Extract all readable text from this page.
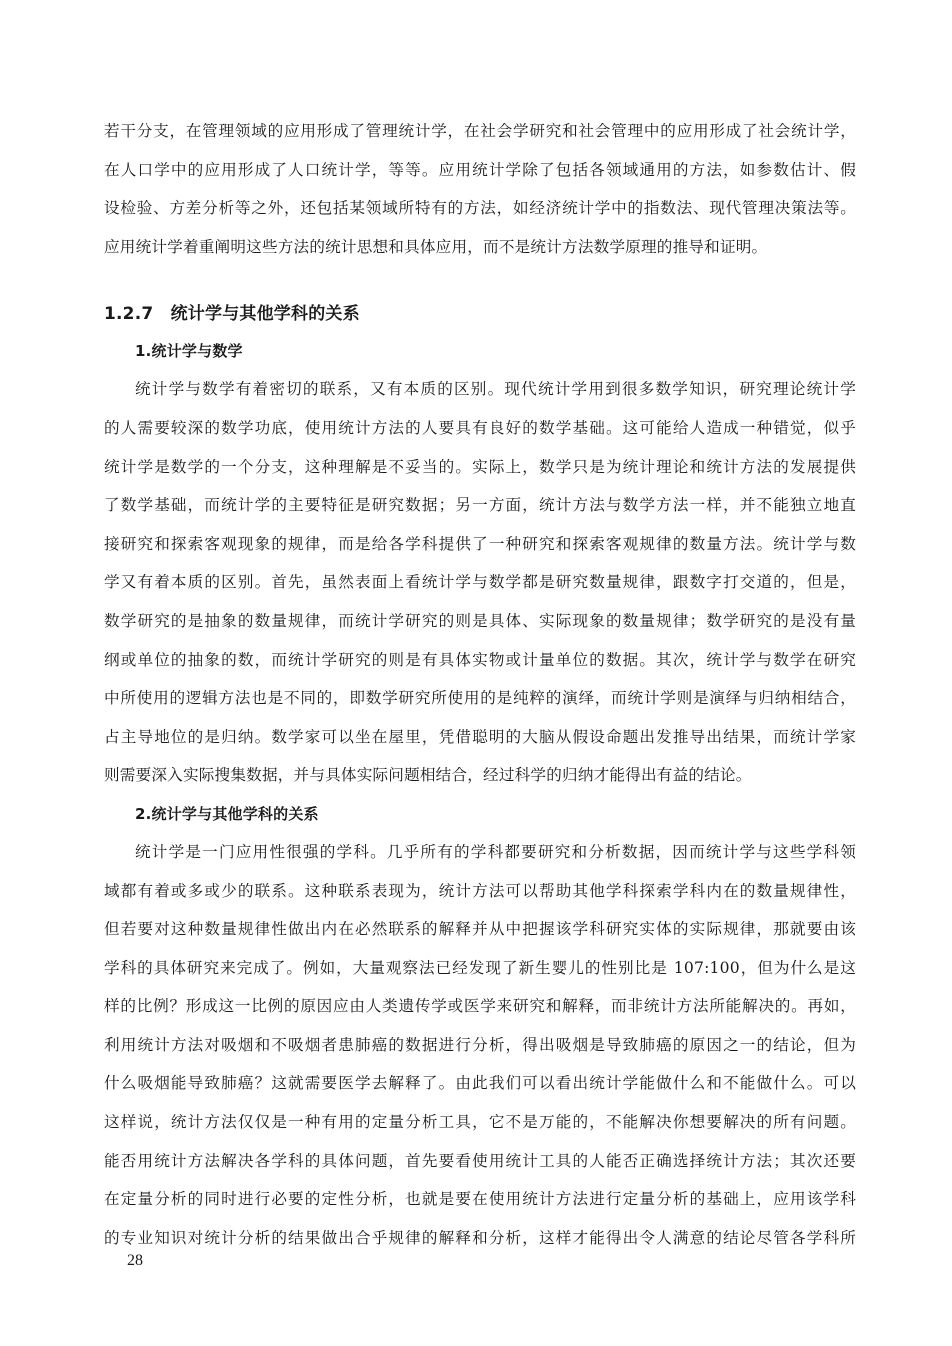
若干分支，在管理领域的应用形成了管理统计学，在社会学研究和社会管理中的应用形成了社会统计学，
在人口学中的应用形成了人口统计学，等等。应用统计学除了包括各领域通用的方法，如参数估计、假
设检验、方差分析等之外，还包括某领域所特有的方法，如经济统计学中的指数法、现代管理决策法等。
应用统计学着重阐明这些方法的统计思想和具体应用，而不是统计方法数学原理的推导和证明。
1.2.7　统计学与其他学科的关系
1.统计学与数学
统计学与数学有着密切的联系，又有本质的区别。现代统计学用到很多数学知识，研究理论统计学
的人需要较深的数学功底，使用统计方法的人要具有良好的数学基础。这可能给人造成一种错觉，似乎
统计学是数学的一个分支，这种理解是不妥当的。实际上，数学只是为统计理论和统计方法的发展提供
了数学基础，而统计学的主要特征是研究数据；另一方面，统计方法与数学方法一样，并不能独立地直
接研究和探索客观现象的规律，而是给各学科提供了一种研究和探索客观规律的数量方法。统计学与数
学又有着本质的区别。首先，虽然表面上看统计学与数学都是研究数量规律，跟数字打交道的，但是，
数学研究的是抽象的数量规律，而统计学研究的则是具体、实际现象的数量规律；数学研究的是没有量
纲或单位的抽象的数，而统计学研究的则是有具体实物或计量单位的数据。其次，统计学与数学在研究
中所使用的逻辑方法也是不同的，即数学研究所使用的是纯粹的演绎，而统计学则是演绎与归纳相结合，
占主导地位的是归纳。数学家可以坐在屋里，凭借聪明的大脑从假设命题出发推导出结果，而统计学家
则需要深入实际搜集数据，并与具体实际问题相结合，经过科学的归纳才能得出有益的结论。
2.统计学与其他学科的关系
统计学是一门应用性很强的学科。几乎所有的学科都要研究和分析数据，因而统计学与这些学科领
域都有着或多或少的联系。这种联系表现为，统计方法可以帮助其他学科探索学科内在的数量规律性，
但若要对这种数量规律性做出内在必然联系的解释并从中把握该学科研究实体的实际规律，那就要由该
学科的具体研究来完成了。例如，大量观察法已经发现了新生婴儿的性别比是 107:100，但为什么是这
样的比例？形成这一比例的原因应由人类遗传学或医学来研究和解释，而非统计方法所能解决的。再如，
利用统计方法对吸烟和不吸烟者患肺癌的数据进行分析，得出吸烟是导致肺癌的原因之一的结论，但为
什么吸烟能导致肺癌？这就需要医学去解释了。由此我们可以看出统计学能做什么和不能做什么。可以
这样说，统计方法仅仅是一种有用的定量分析工具，它不是万能的，不能解决你想要解决的所有问题。
能否用统计方法解决各学科的具体问题，首先要看使用统计工具的人能否正确选择统计方法；其次还要
在定量分析的同时进行必要的定性分析，也就是要在使用统计方法进行定量分析的基础上，应用该学科
的专业知识对统计分析的结果做出合乎规律的解释和分析，这样才能得出令人满意的结论尽管各学科所
28
